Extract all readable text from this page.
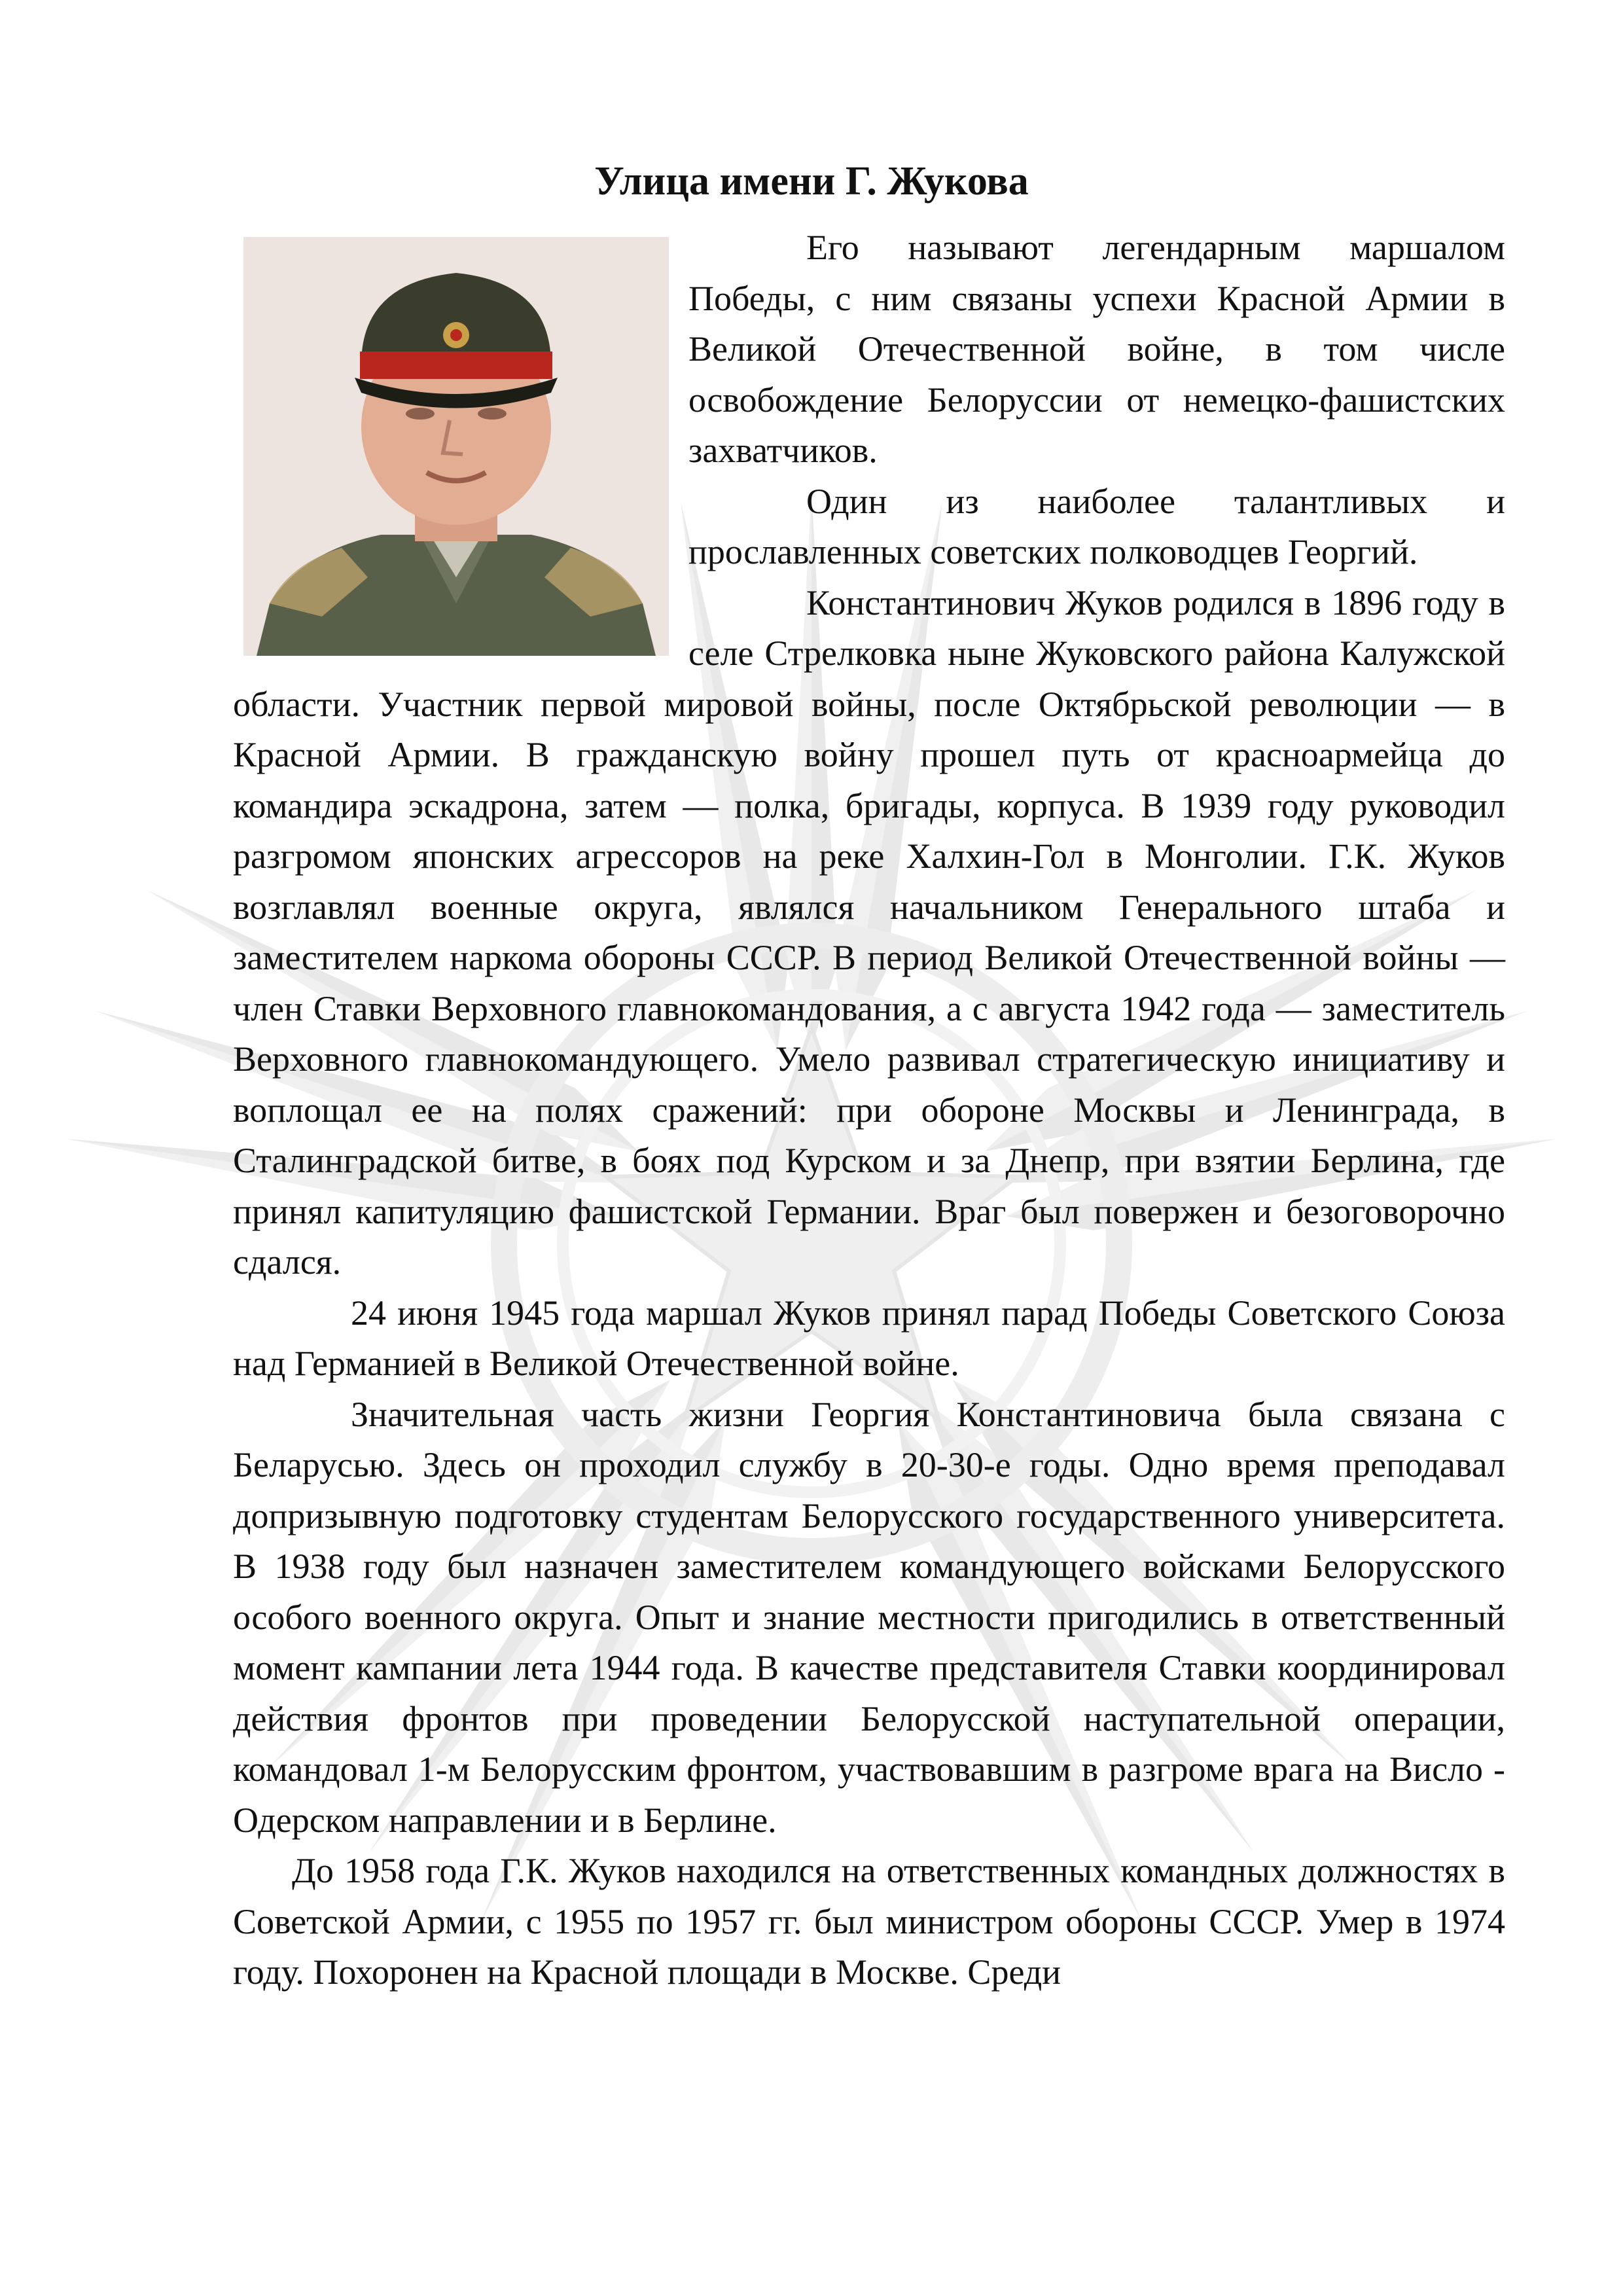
Улица имени Г. Жукова

Его называют легендарным маршалом Победы, с ним связаны успехи Красной Армии в Великой Отечественной войне, в том числе освобождение Белоруссии от немецко-фашистских захватчиков.

Один из наиболее талантливых и прославленных советских полководцев Георгий.

Константинович Жуков родился в 1896 году в селе Стрелковка ныне Жуковского района Калужской области. Участник первой мировой войны, после Октябрьской революции — в Красной Армии. В гражданскую войну прошел путь от красноармейца до командира эскадрона, затем — полка, бригады, корпуса. В 1939 году руководил разгромом японских агрессоров на реке Халхин-Гол в Монголии. Г.К. Жуков возглавлял военные округа, являлся начальником Генерального штаба и заместителем наркома обороны СССР. В период Великой Отечественной войны — член Ставки Верховного главнокомандования, а с августа 1942 года — заместитель Верховного главнокомандующего. Умело развивал стратегическую инициативу и воплощал ее на полях сражений: при обороне Москвы и Ленинграда, в Сталинградской битве, в боях под Курском и за Днепр, при взятии Берлина, где принял капитуляцию фашистской Германии. Враг был повержен и безоговорочно сдался.

24 июня 1945 года маршал Жуков принял парад Победы Советского Союза над Германией в Великой Отечественной войне.

Значительная часть жизни Георгия Константиновича была связана с Беларусью. Здесь он проходил службу в 20-30-е годы. Одно время преподавал допризывную подготовку студентам Белорусского государственного университета. В 1938 году был назначен заместителем командующего войсками Белорусского особого военного округа. Опыт и знание местности пригодились в ответственный момент кампании лета 1944 года. В качестве представителя Ставки координировал действия фронтов при проведении Белорусской наступательной операции, командовал 1-м Белорусским фронтом, участвовавшим в разгроме врага на Висло - Одерском направлении и в Берлине.

До 1958 года Г.К. Жуков находился на ответственных командных должностях в Советской Армии, с 1955 по 1957 гг. был министром обороны СССР. Умер в 1974 году. Похоронен на Красной площади в Москве. Среди
